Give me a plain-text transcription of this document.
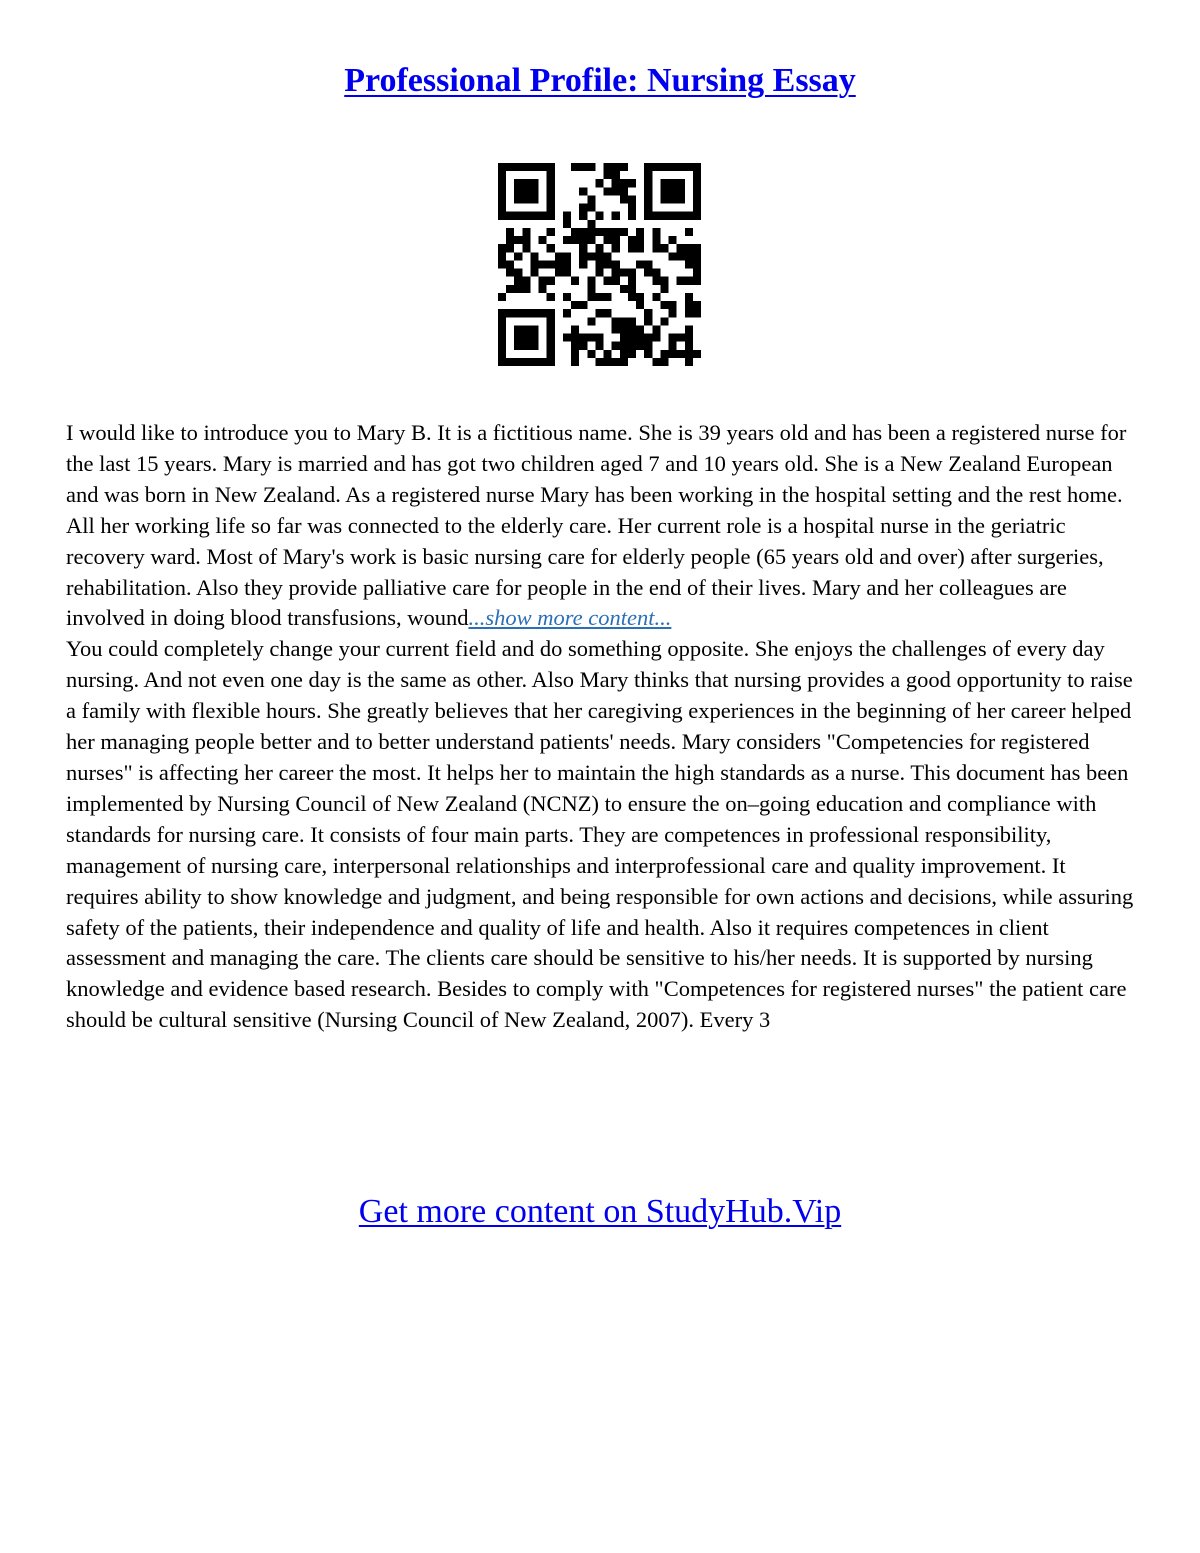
Professional Profile: Nursing Essay

I would like to introduce you to Mary B. It is a fictitious name. She is 39 years old and has been a registered nurse for the last 15 years. Mary is married and has got two children aged 7 and 10 years old. She is a New Zealand European and was born in New Zealand. As a registered nurse Mary has been working in the hospital setting and the rest home. All her working life so far was connected to the elderly care. Her current role is a hospital nurse in the geriatric recovery ward. Most of Mary's work is basic nursing care for elderly people (65 years old and over) after surgeries, rehabilitation. Also they provide palliative care for people in the end of their lives. Mary and her colleagues are involved in doing blood transfusions, wound...show more content...

You could completely change your current field and do something opposite. She enjoys the challenges of every day nursing. And not even one day is the same as other. Also Mary thinks that nursing provides a good opportunity to raise a family with flexible hours. She greatly believes that her caregiving experiences in the beginning of her career helped her managing people better and to better understand patients' needs. Mary considers "Competencies for registered nurses" is affecting her career the most. It helps her to maintain the high standards as a nurse. This document has been implemented by Nursing Council of New Zealand (NCNZ) to ensure the on–going education and compliance with standards for nursing care. It consists of four main parts. They are competences in professional responsibility, management of nursing care, interpersonal relationships and interprofessional care and quality improvement. It requires ability to show knowledge and judgment, and being responsible for own actions and decisions, while assuring safety of the patients, their independence and quality of life and health. Also it requires competences in client assessment and managing the care. The clients care should be sensitive to his/her needs. It is supported by nursing knowledge and evidence based research. Besides to comply with "Competences for registered nurses" the patient care should be cultural sensitive (Nursing Council of New Zealand, 2007). Every 3

Get more content on StudyHub.Vip
